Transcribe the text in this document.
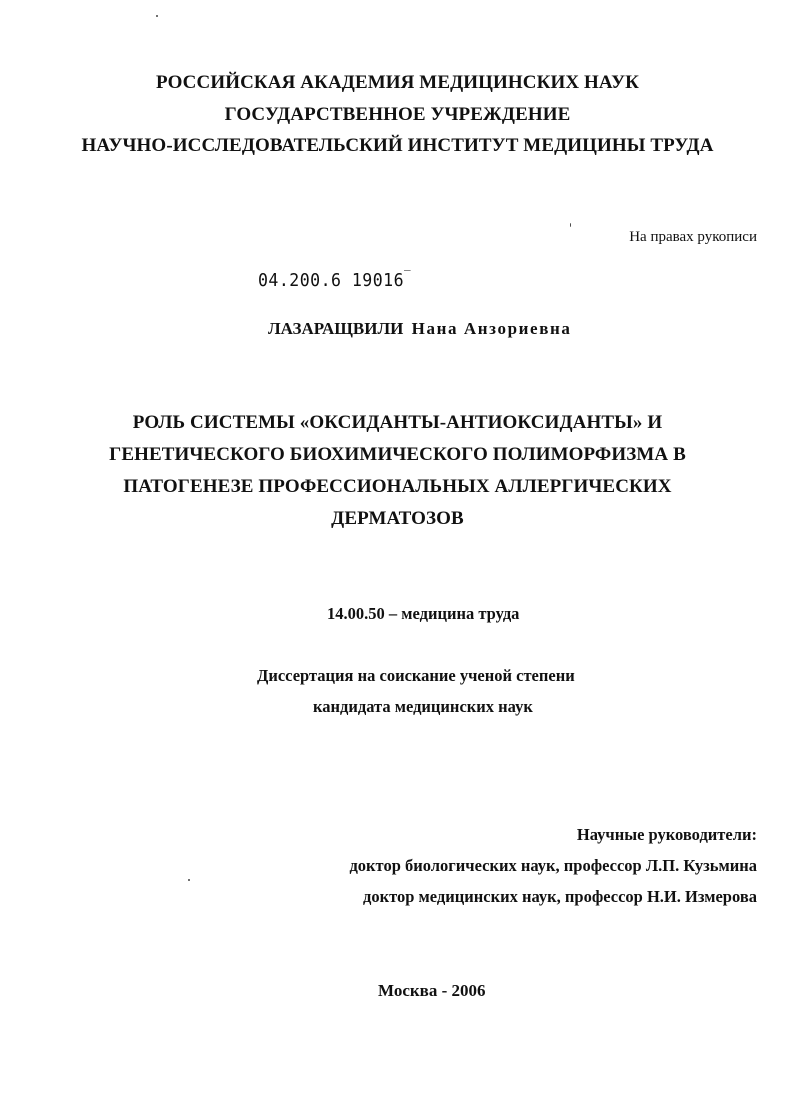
РОССИЙСКАЯ АКАДЕМИЯ МЕДИЦИНСКИХ НАУК
ГОСУДАРСТВЕННОЕ УЧРЕЖДЕНИЕ
НАУЧНО-ИССЛЕДОВАТЕЛЬСКИЙ ИНСТИТУТ МЕДИЦИНЫ ТРУДА
На правах рукописи
04.200.6 19016‾
ЛАЗАРАЩВИЛИ Нана Анзориевна
РОЛЬ СИСТЕМЫ «ОКСИДАНТЫ-АНТИОКСИДАНТЫ» И
ГЕНЕТИЧЕСКОГО БИОХИМИЧЕСКОГО ПОЛИМОРФИЗМА В
ПАТОГЕНЕЗЕ ПРОФЕССИОНАЛЬНЫХ АЛЛЕРГИЧЕСКИХ
ДЕРМАТОЗОВ
14.00.50 – медицина труда
Диссертация на соискание ученой степени
кандидата медицинских наук
Научные руководители:
доктор биологических наук, профессор Л.П. Кузьмина
доктор медицинских наук, профессор Н.И. Измерова
Москва - 2006
